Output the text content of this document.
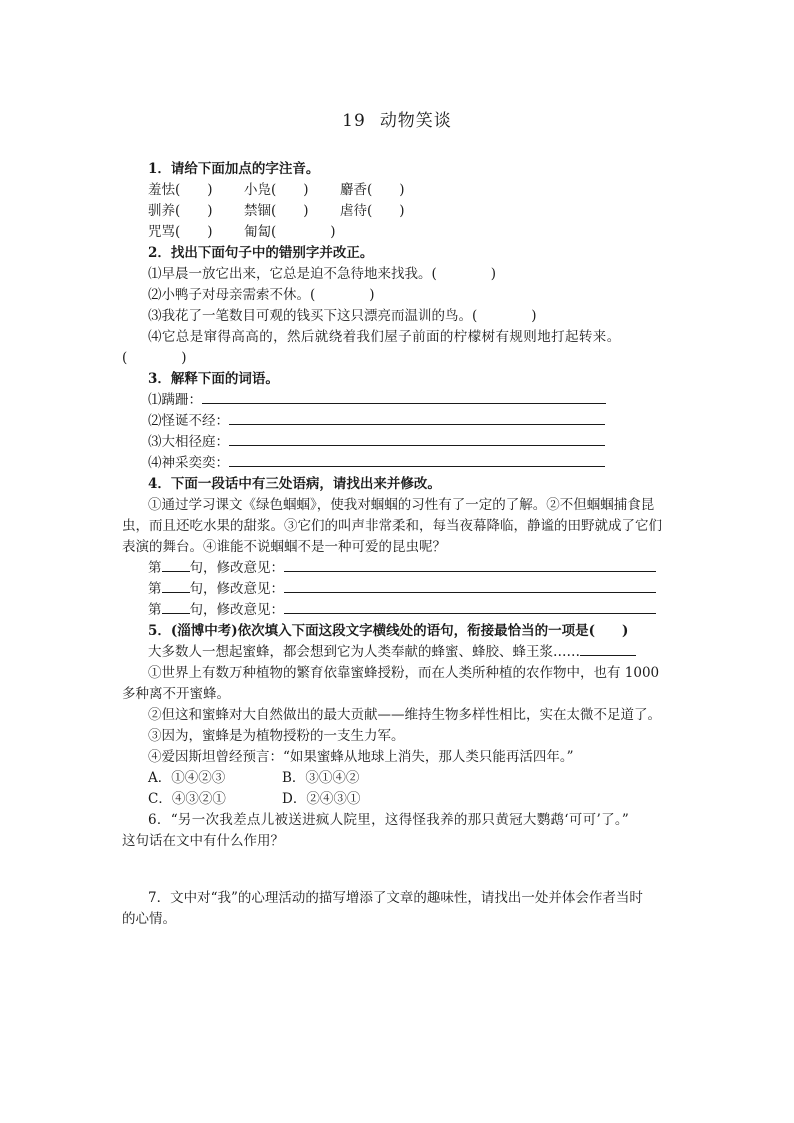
19 动物笑谈
1．请给下面加点的字注音。
羞怯(　　) 小凫(　　) 麝香(　　)
驯养(　　) 禁锢(　　) 虐待(　　)
咒骂(　　) 匍匐(　　　　)
2．找出下面句子中的错别字并改正。
⑴早晨一放它出来，它总是迫不急待地来找我。(　　　　)
⑵小鸭子对母亲需索不休。(　　　　)
⑶我花了一笔数目可观的钱买下这只漂亮而温训的鸟。(　　　　)
⑷它总是窜得高高的，然后就绕着我们屋子前面的柠檬树有规则地打起转来。
(　　　　)
3．解释下面的词语。
⑴蹒跚：
⑵怪诞不经：
⑶大相径庭：
⑷神采奕奕：
4．下面一段话中有三处语病，请找出来并修改。
①通过学习课文《绿色蝈蝈》，使我对蝈蝈的习性有了一定的了解。②不但蝈蝈捕食昆
虫，而且还吃水果的甜浆。③它们的叫声非常柔和，每当夜幕降临，静谧的田野就成了它们
表演的舞台。④谁能不说蝈蝈不是一种可爱的昆虫呢？
第 句，修改意见：
第 句，修改意见：
第 句，修改意见：
5．(淄博中考)依次填入下面这段文字横线处的语句，衔接最恰当的一项是(　　)
大多数人一想起蜜蜂，都会想到它为人类奉献的蜂蜜、蜂胶、蜂王浆……
①世界上有数万种植物的繁育依靠蜜蜂授粉，而在人类所种植的农作物中，也有 1000
多种离不开蜜蜂。
②但这和蜜蜂对大自然做出的最大贡献——维持生物多样性相比，实在太微不足道了。
③因为，蜜蜂是为植物授粉的一支生力军。
④爱因斯坦曾经预言：“如果蜜蜂从地球上消失，那人类只能再活四年。”
A．①④②③	B．③①④②
C．④③②①	D．②④③①
6．“另一次我差点儿被送进疯人院里，这得怪我养的那只黄冠大鹦鹉‘可可’了。”
这句话在文中有什么作用？
7．文中对“我”的心理活动的描写增添了文章的趣味性，请找出一处并体会作者当时
的心情。
